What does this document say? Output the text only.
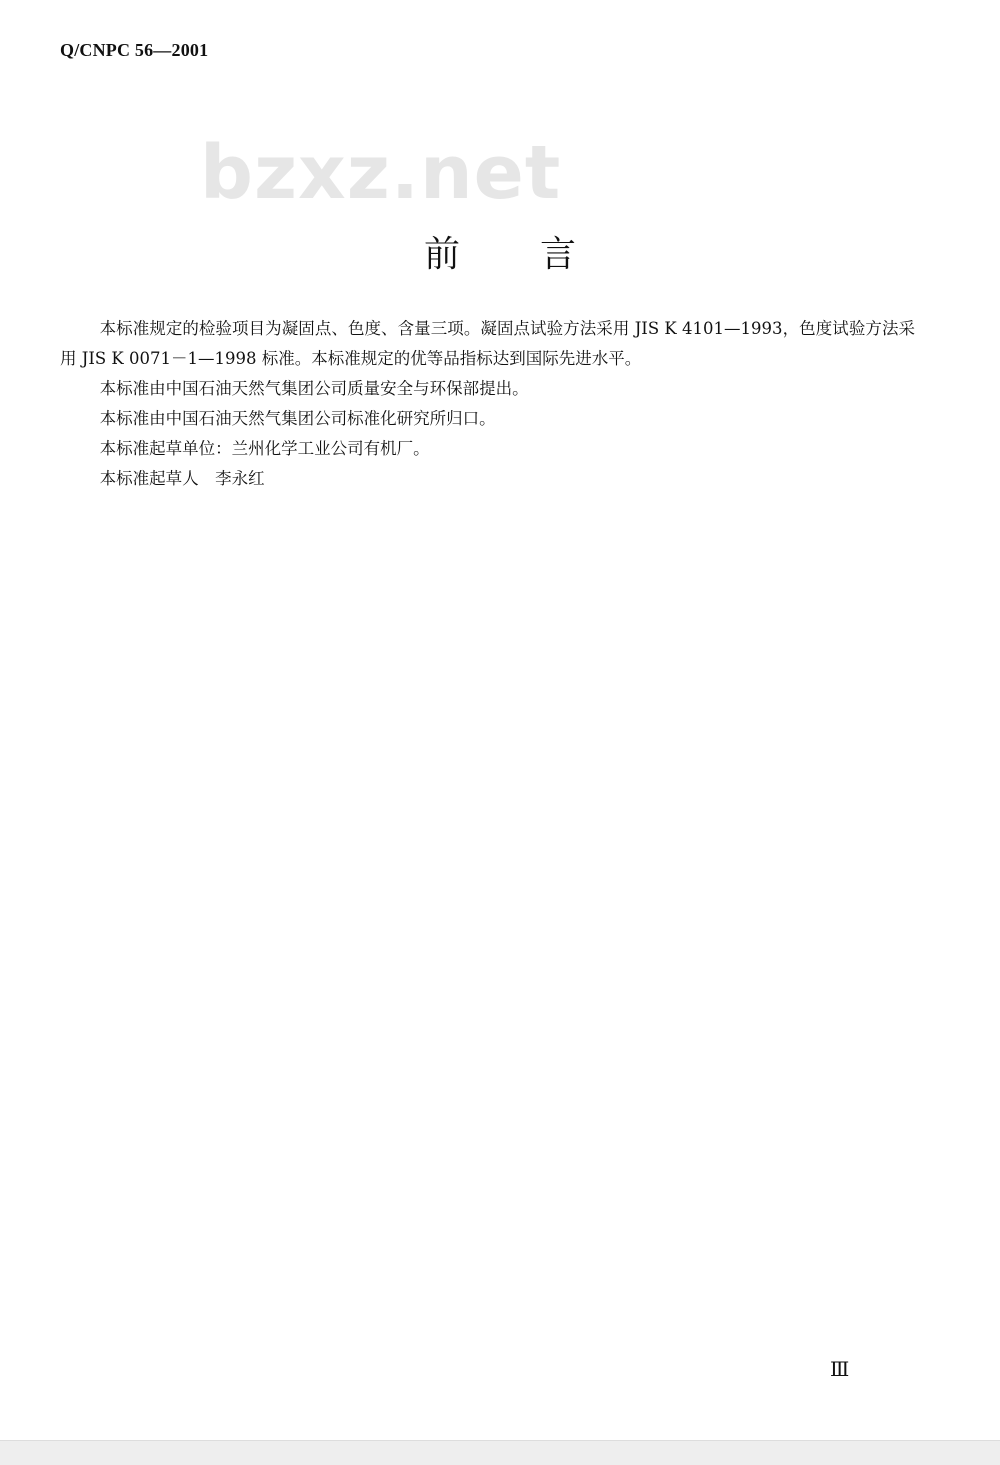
Q/CNPC 56—2001
bzxz.net
前言

本标准规定的检验项目为凝固点、色度、含量三项。凝固点试验方法采用 JIS K 4101—1993，色度试验方法采用 JIS K 0071－1—1998 标准。本标准规定的优等品指标达到国际先进水平。

本标准由中国石油天然气集团公司质量安全与环保部提出。

本标准由中国石油天然气集团公司标准化研究所归口。

本标准起草单位：兰州化学工业公司有机厂。

本标准起草人　李永红

Ⅲ
